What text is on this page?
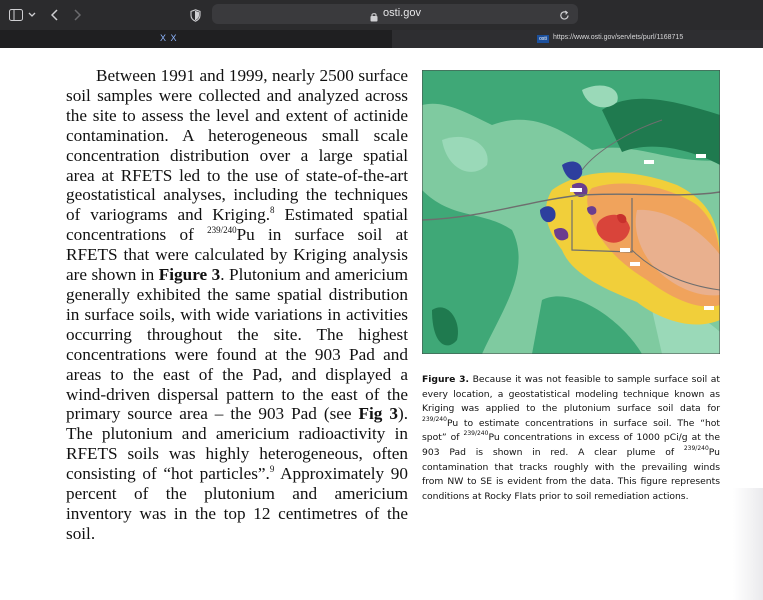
osti.gov
X X	osti https://www.osti.gov/servlets/purl/1168715
Between 1991 and 1999, nearly 2500 surface soil samples were collected and analyzed across the site to assess the level and extent of actinide contamination. A heterogeneous small scale concentration distribution over a large spatial area at RFETS led to the use of state-of-the-art geostatistical analyses, including the techniques of variograms and Kriging.$^8$ Estimated spatial concentrations of $^{239/240}$Pu in surface soil at RFETS that were calculated by Kriging analysis are shown in Figure 3. Plutonium and americium generally exhibited the same spatial distribution in surface soils, with wide variations in activities occurring throughout the site. The highest concentrations were found at the 903 Pad and areas to the east of the Pad, and displayed a wind-driven dispersal pattern to the east of the primary source area – the 903 Pad (see Fig 3). The plutonium and americium radioactivity in RFETS soils was highly heterogeneous, often consisting of “hot particles”.$^9$ Approximately 90 percent of the plutonium and americium
inventory was in the top 12 centimetres of the soil.
Figure 3. Because it was not feasible to sample surface soil at every location, a geostatistical modeling technique known as Kriging was applied to the plutonium surface soil data for $^{239/240}$Pu to estimate concentrations in surface soil. The “hot spot” of $^{239/240}$Pu concentrations in excess of 1000 pCi/g at the 903 Pad is shown in red. A clear plume of $^{239/240}$Pu contamination that tracks roughly with the prevailing winds from NW to SE is evident from the data. This figure represents conditions at Rocky Flats prior to soil remediation actions.
